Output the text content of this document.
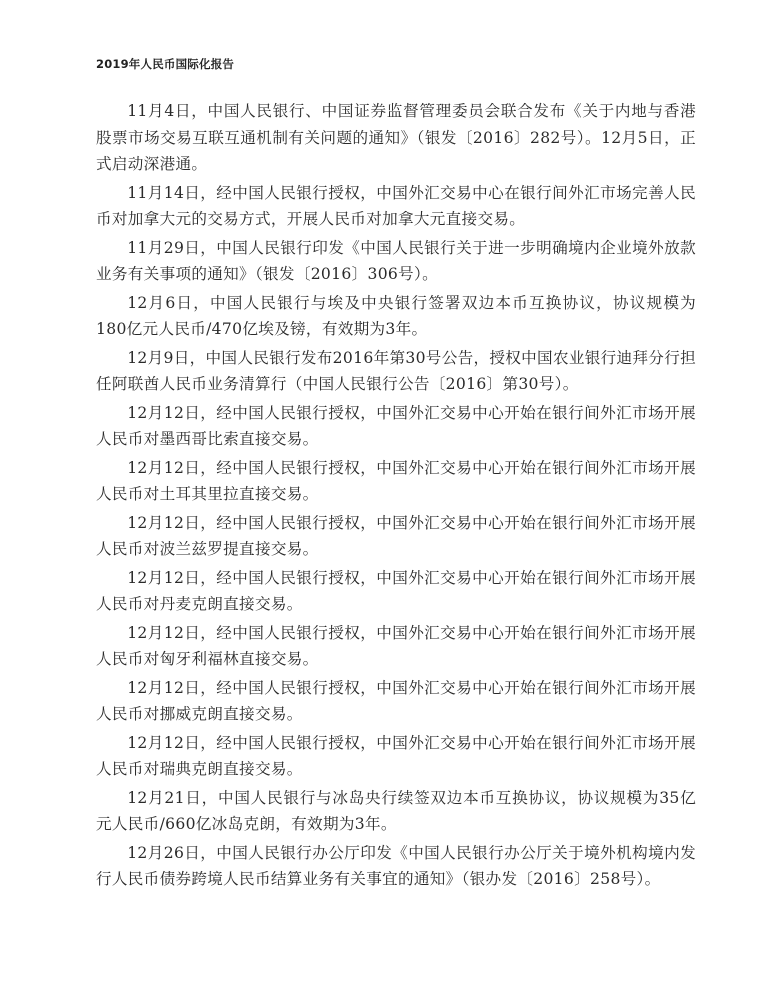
2019年人民币国际化报告

11月4日，中国人民银行、中国证券监督管理委员会联合发布《关于内地与香港股票市场交易互联互通机制有关问题的通知》（银发〔2016〕282号）。12月5日，正式启动深港通。

11月14日，经中国人民银行授权，中国外汇交易中心在银行间外汇市场完善人民币对加拿大元的交易方式，开展人民币对加拿大元直接交易。

11月29日，中国人民银行印发《中国人民银行关于进一步明确境内企业境外放款业务有关事项的通知》（银发〔2016〕306号）。

12月6日，中国人民银行与埃及中央银行签署双边本币互换协议，协议规模为180亿元人民币/470亿埃及镑，有效期为3年。

12月9日，中国人民银行发布2016年第30号公告，授权中国农业银行迪拜分行担任阿联酋人民币业务清算行（中国人民银行公告〔2016〕第30号）。

12月12日，经中国人民银行授权，中国外汇交易中心开始在银行间外汇市场开展人民币对墨西哥比索直接交易。

12月12日，经中国人民银行授权，中国外汇交易中心开始在银行间外汇市场开展人民币对土耳其里拉直接交易。

12月12日，经中国人民银行授权，中国外汇交易中心开始在银行间外汇市场开展人民币对波兰兹罗提直接交易。

12月12日，经中国人民银行授权，中国外汇交易中心开始在银行间外汇市场开展人民币对丹麦克朗直接交易。

12月12日，经中国人民银行授权，中国外汇交易中心开始在银行间外汇市场开展人民币对匈牙利福林直接交易。

12月12日，经中国人民银行授权，中国外汇交易中心开始在银行间外汇市场开展人民币对挪威克朗直接交易。

12月12日，经中国人民银行授权，中国外汇交易中心开始在银行间外汇市场开展人民币对瑞典克朗直接交易。

12月21日，中国人民银行与冰岛央行续签双边本币互换协议，协议规模为35亿元人民币/660亿冰岛克朗，有效期为3年。

12月26日，中国人民银行办公厅印发《中国人民银行办公厅关于境外机构境内发行人民币债券跨境人民币结算业务有关事宜的通知》（银办发〔2016〕258号）。
